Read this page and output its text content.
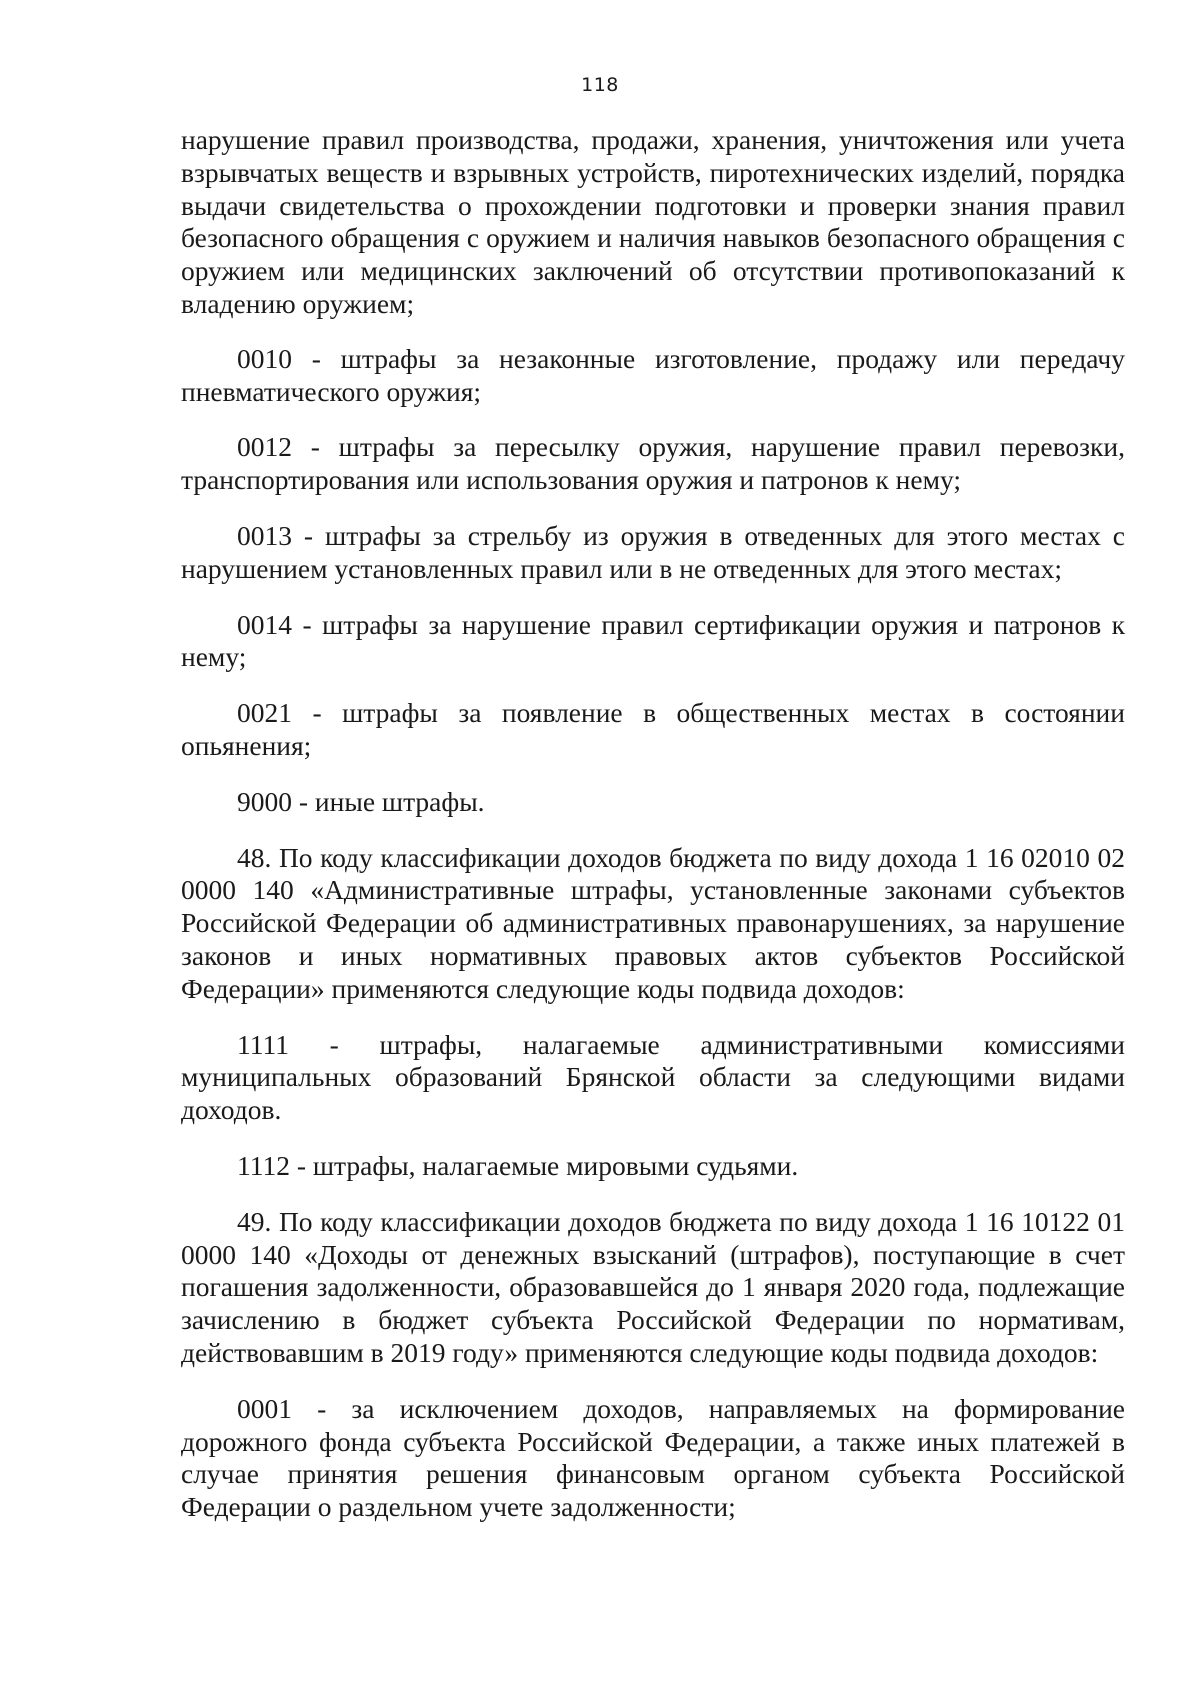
118

нарушение правил производства, продажи, хранения, уничтожения или учета взрывчатых веществ и взрывных устройств, пиротехнических изделий, порядка выдачи свидетельства о прохождении подготовки и проверки знания правил безопасного обращения с оружием и наличия навыков безопасного обращения с оружием или медицинских заключений об отсутствии противопоказаний к владению оружием;

0010 - штрафы за незаконные изготовление, продажу или передачу пневматического оружия;

0012 - штрафы за пересылку оружия, нарушение правил перевозки, транспортирования или использования оружия и патронов к нему;

0013 - штрафы за стрельбу из оружия в отведенных для этого местах с нарушением установленных правил или в не отведенных для этого местах;

0014 - штрафы за нарушение правил сертификации оружия и патронов к нему;

0021 - штрафы за появление в общественных местах в состоянии опьянения;

9000 - иные штрафы.

48. По коду классификации доходов бюджета по виду дохода 1 16 02010 02 0000 140 «Административные штрафы, установленные законами субъектов Российской Федерации об административных правонарушениях, за нарушение законов и иных нормативных правовых актов субъектов Российской Федерации» применяются следующие коды подвида доходов:

1111 - штрафы, налагаемые административными комиссиями муниципальных образований Брянской области за следующими видами доходов.

1112 - штрафы, налагаемые мировыми судьями.

49. По коду классификации доходов бюджета по виду дохода 1 16 10122 01 0000 140 «Доходы от денежных взысканий (штрафов), поступающие в счет погашения задолженности, образовавшейся до 1 января 2020 года, подлежащие зачислению в бюджет субъекта Российской Федерации по нормативам, действовавшим в 2019 году» применяются следующие коды подвида доходов:

0001 - за исключением доходов, направляемых на формирование дорожного фонда субъекта Российской Федерации, а также иных платежей в случае принятия решения финансовым органом субъекта Российской Федерации о раздельном учете задолженности;
